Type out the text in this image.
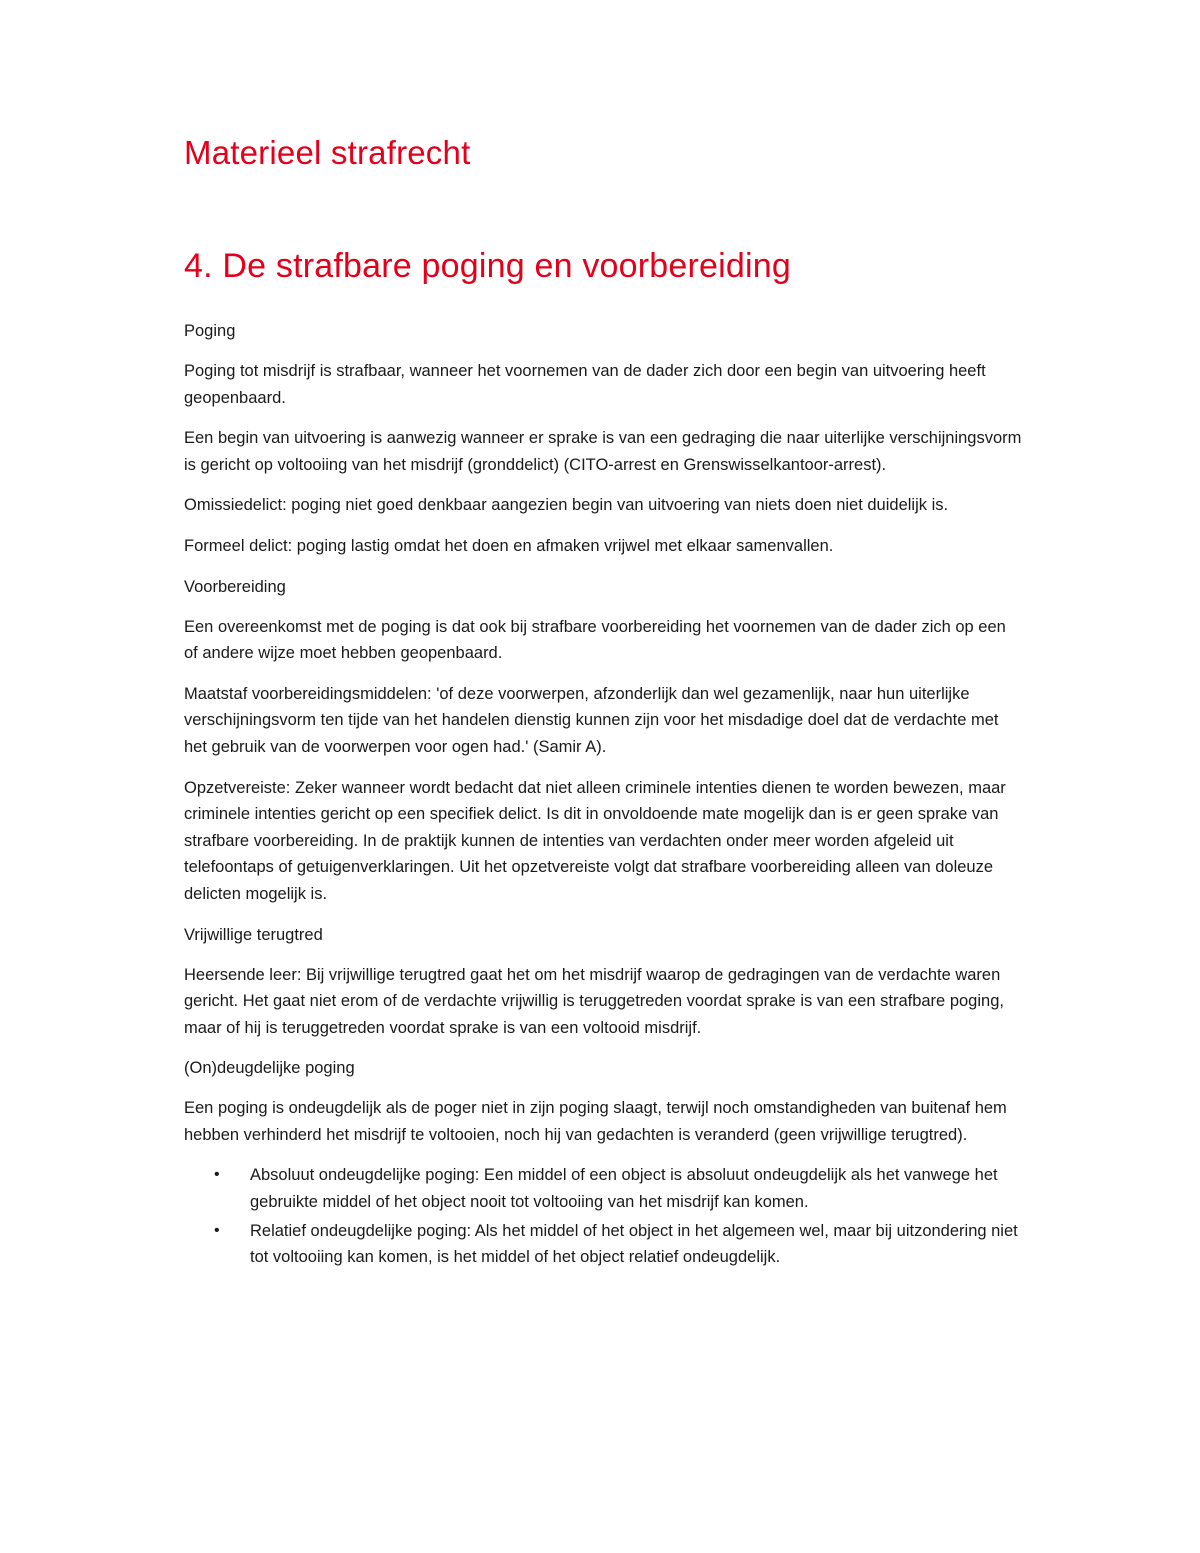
Materieel strafrecht
4. De strafbare poging en voorbereiding
Poging

Poging tot misdrijf is strafbaar, wanneer het voornemen van de dader zich door een begin van uitvoering heeft geopenbaard.

Een begin van uitvoering is aanwezig wanneer er sprake is van een gedraging die naar uiterlijke verschijningsvorm is gericht op voltooiing van het misdrijf (gronddelict) (CITO-arrest en Grenswisselkantoor-arrest).

Omissiedelict: poging niet goed denkbaar aangezien begin van uitvoering van niets doen niet duidelijk is.

Formeel delict: poging lastig omdat het doen en afmaken vrijwel met elkaar samenvallen.

Voorbereiding

Een overeenkomst met de poging is dat ook bij strafbare voorbereiding het voornemen van de dader zich op een of andere wijze moet hebben geopenbaard.

Maatstaf voorbereidingsmiddelen: 'of deze voorwerpen, afzonderlijk dan wel gezamenlijk, naar hun uiterlijke verschijningsvorm ten tijde van het handelen dienstig kunnen zijn voor het misdadige doel dat de verdachte met het gebruik van de voorwerpen voor ogen had.' (Samir A).

Opzetvereiste: Zeker wanneer wordt bedacht dat niet alleen criminele intenties dienen te worden bewezen, maar criminele intenties gericht op een specifiek delict. Is dit in onvoldoende mate mogelijk dan is er geen sprake van strafbare voorbereiding. In de praktijk kunnen de intenties van verdachten onder meer worden afgeleid uit telefoontaps of getuigenverklaringen. Uit het opzetvereiste volgt dat strafbare voorbereiding alleen van doleuze delicten mogelijk is.

Vrijwillige terugtred

Heersende leer: Bij vrijwillige terugtred gaat het om het misdrijf waarop de gedragingen van de verdachte waren gericht. Het gaat niet erom of de verdachte vrijwillig is teruggetreden voordat sprake is van een strafbare poging, maar of hij is teruggetreden voordat sprake is van een voltooid misdrijf.

(On)deugdelijke poging

Een poging is ondeugdelijk als de poger niet in zijn poging slaagt, terwijl noch omstandigheden van buitenaf hem hebben verhinderd het misdrijf te voltooien, noch hij van gedachten is veranderd (geen vrijwillige terugtred).

• Absoluut ondeugdelijke poging: Een middel of een object is absoluut ondeugdelijk als het vanwege het gebruikte middel of het object nooit tot voltooiing van het misdrijf kan komen.
• Relatief ondeugdelijke poging: Als het middel of het object in het algemeen wel, maar bij uitzondering niet tot voltooiing kan komen, is het middel of het object relatief ondeugdelijk.
